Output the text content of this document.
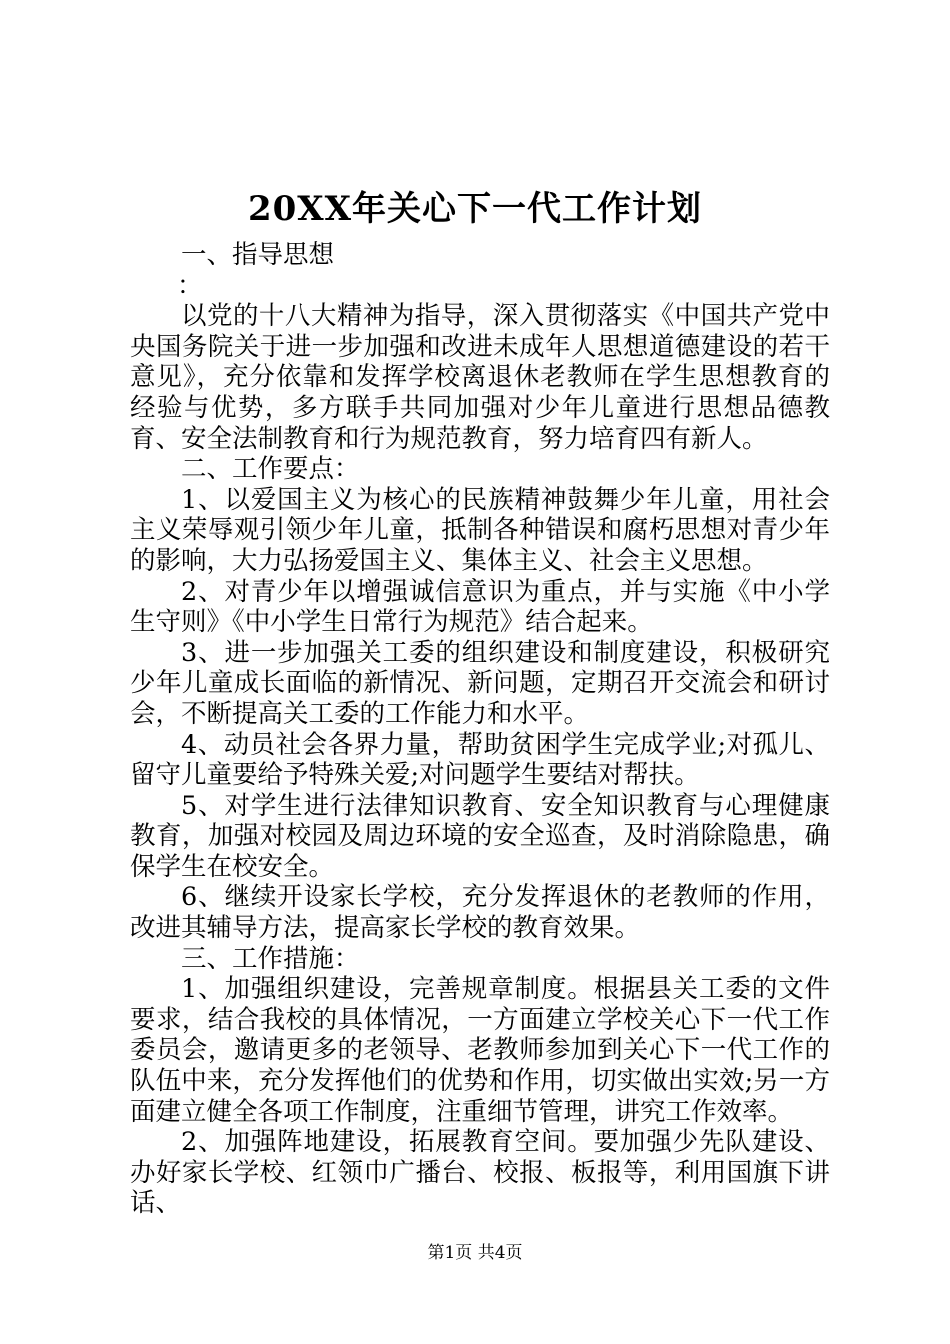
20XX年关心下一代工作计划

一、指导思想

：

以党的十八大精神为指导，深入贯彻落实《中国共产党中央国务院关于进一步加强和改进未成年人思想道德建设的若干意见》，充分依靠和发挥学校离退休老教师在学生思想教育的经验与优势，多方联手共同加强对少年儿童进行思想品德教育、安全法制教育和行为规范教育，努力培育四有新人。

二、工作要点：

1、以爱国主义为核心的民族精神鼓舞少年儿童，用社会主义荣辱观引领少年儿童，抵制各种错误和腐朽思想对青少年的影响，大力弘扬爱国主义、集体主义、社会主义思想。

2、对青少年以增强诚信意识为重点，并与实施《中小学生守则》《中小学生日常行为规范》结合起来。

3、进一步加强关工委的组织建设和制度建设，积极研究少年儿童成长面临的新情况、新问题，定期召开交流会和研讨会，不断提高关工委的工作能力和水平。

4、动员社会各界力量，帮助贫困学生完成学业;对孤儿、留守儿童要给予特殊关爱;对问题学生要结对帮扶。

5、对学生进行法律知识教育、安全知识教育与心理健康教育，加强对校园及周边环境的安全巡查，及时消除隐患，确保学生在校安全。

6、继续开设家长学校，充分发挥退休的老教师的作用，改进其辅导方法，提高家长学校的教育效果。

三、工作措施：

1、加强组织建设，完善规章制度。根据县关工委的文件要求，结合我校的具体情况，一方面建立学校关心下一代工作委员会，邀请更多的老领导、老教师参加到关心下一代工作的队伍中来，充分发挥他们的优势和作用，切实做出实效;另一方面建立健全各项工作制度，注重细节管理，讲究工作效率。

2、加强阵地建设，拓展教育空间。要加强少先队建设、办好家长学校、红领巾广播台、校报、板报等，利用国旗下讲话、

第1页 共4页
